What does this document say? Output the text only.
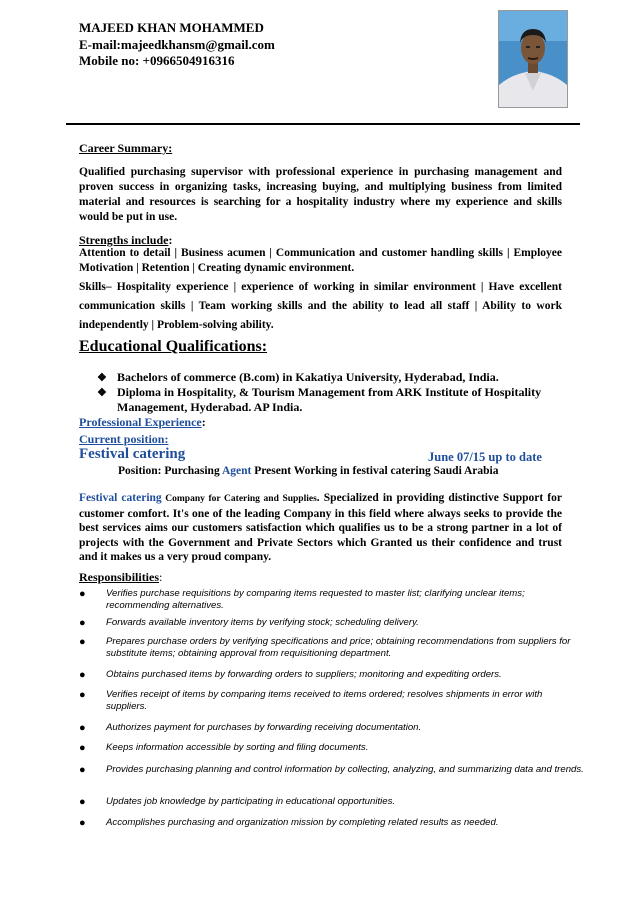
MAJEED KHAN MOHAMMED
E-mail:majeedkhansm@gmail.com
Mobile no: +0966504916316
Career Summary:
Qualified purchasing supervisor with professional experience in purchasing management and proven success in organizing tasks, increasing buying, and multiplying business from limited material and resources is searching for a hospitality industry where my experience and skills would be put in use.
Strengths include:
Attention to detail | Business acumen | Communication and customer handling skills | Employee Motivation | Retention | Creating dynamic environment.
Skills– Hospitality experience | experience of working in similar environment | Have excellent communication skills | Team working skills and the ability to lead all staff | Ability to work independently | Problem-solving ability.
Educational Qualifications:
❖ Bachelors of commerce (B.com) in Kakatiya University, Hyderabad, India.
❖ Diploma in Hospitality, & Tourism Management from ARK Institute of Hospitality Management, Hyderabad. AP India.
Professional Experience:
Current position:
Festival catering	June 07/15 up to date
Position: Purchasing Agent Present Working in festival catering Saudi Arabia
Festival catering Company for Catering and Supplies. Specialized in providing distinctive Support for customer comfort. It's one of the leading Company in this field where always seeks to provide the best services aims our customers satisfaction which qualifies us to be a strong partner in a lot of projects with the Government and Private Sectors which Granted us their confidence and trust and it makes us a very proud company.
Responsibilities:
● Verifies purchase requisitions by comparing items requested to master list; clarifying unclear items; recommending alternatives.
● Forwards available inventory items by verifying stock; scheduling delivery.
● Prepares purchase orders by verifying specifications and price; obtaining recommendations from suppliers for substitute items; obtaining approval from requisitioning department.
● Obtains purchased items by forwarding orders to suppliers; monitoring and expediting orders.
● Verifies receipt of items by comparing items received to items ordered; resolves shipments in error with suppliers.
● Authorizes payment for purchases by forwarding receiving documentation.
● Keeps information accessible by sorting and filing documents.
● Provides purchasing planning and control information by collecting, analyzing, and summarizing data and trends.
● Updates job knowledge by participating in educational opportunities.
● Accomplishes purchasing and organization mission by completing related results as needed.
